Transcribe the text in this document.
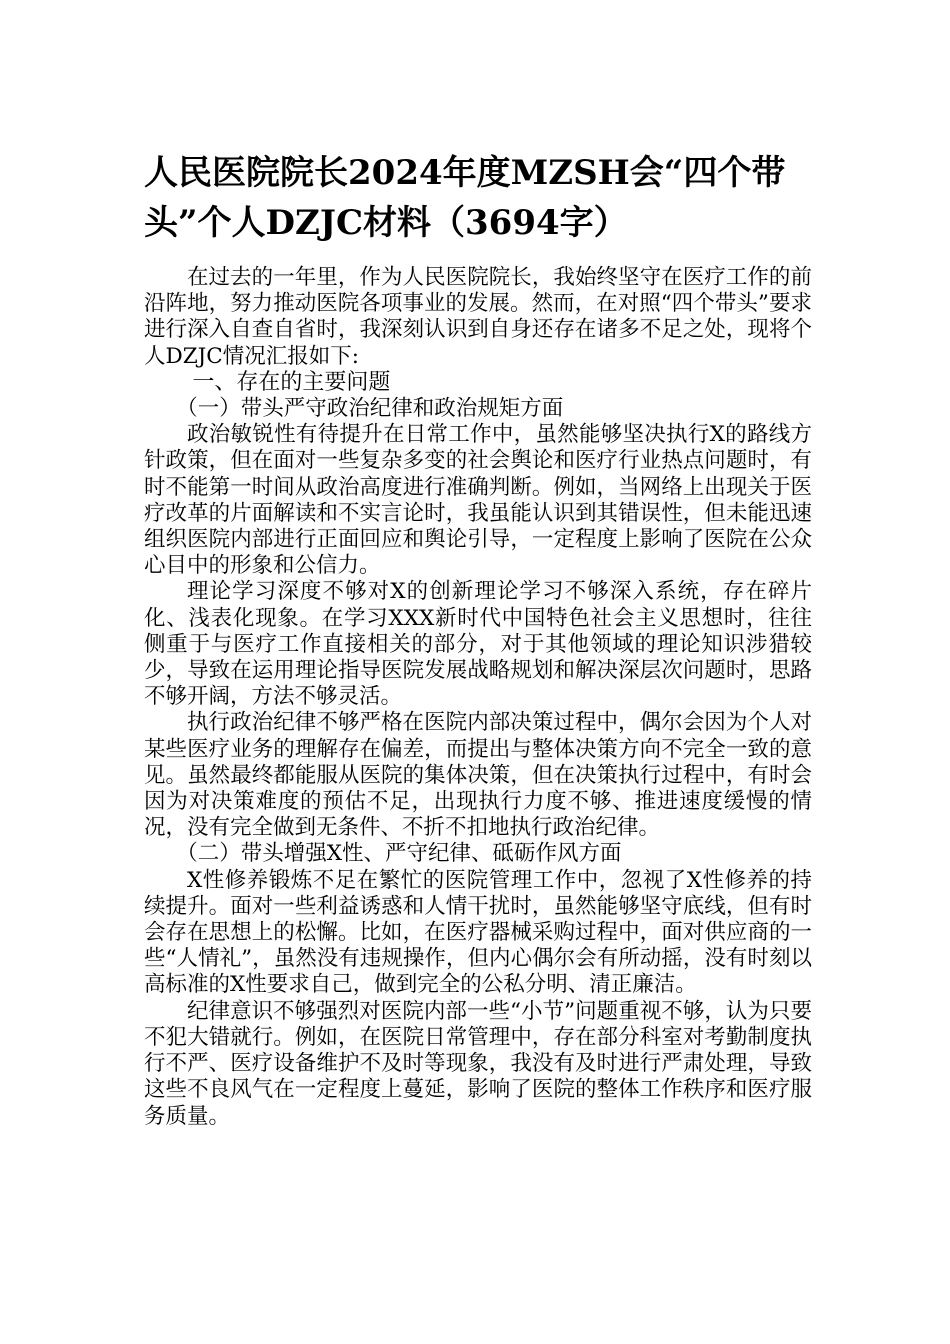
人民医院院长2024年度MZSH会“四个带头”个人DZJC材料（3694字）

在过去的一年里，作为人民医院院长，我始终坚守在医疗工作的前沿阵地，努力推动医院各项事业的发展。然而，在对照“四个带头”要求进行深入自查自省时，我深刻认识到自身还存在诸多不足之处，现将个人DZJC情况汇报如下:

一、存在的主要问题

（一）带头严守政治纪律和政治规矩方面

政治敏锐性有待提升在日常工作中，虽然能够坚决执行X的路线方针政策，但在面对一些复杂多变的社会舆论和医疗行业热点问题时，有时不能第一时间从政治高度进行准确判断。例如，当网络上出现关于医疗改革的片面解读和不实言论时，我虽能认识到其错误性，但未能迅速组织医院内部进行正面回应和舆论引导，一定程度上影响了医院在公众心目中的形象和公信力。

理论学习深度不够对X的创新理论学习不够深入系统，存在碎片化、浅表化现象。在学习XXX新时代中国特色社会主义思想时，往往侧重于与医疗工作直接相关的部分，对于其他领域的理论知识涉猎较少，导致在运用理论指导医院发展战略规划和解决深层次问题时，思路不够开阔，方法不够灵活。

执行政治纪律不够严格在医院内部决策过程中，偶尔会因为个人对某些医疗业务的理解存在偏差，而提出与整体决策方向不完全一致的意见。虽然最终都能服从医院的集体决策，但在决策执行过程中，有时会因为对决策难度的预估不足，出现执行力度不够、推进速度缓慢的情况，没有完全做到无条件、不折不扣地执行政治纪律。

（二）带头增强X性、严守纪律、砥砺作风方面

X性修养锻炼不足在繁忙的医院管理工作中，忽视了X性修养的持续提升。面对一些利益诱惑和人情干扰时，虽然能够坚守底线，但有时会存在思想上的松懈。比如，在医疗器械采购过程中，面对供应商的一些“人情礼”，虽然没有违规操作，但内心偶尔会有所动摇，没有时刻以高标准的X性要求自己，做到完全的公私分明、清正廉洁。

纪律意识不够强烈对医院内部一些“小节”问题重视不够，认为只要不犯大错就行。例如，在医院日常管理中，存在部分科室对考勤制度执行不严、医疗设备维护不及时等现象，我没有及时进行严肃处理，导致这些不良风气在一定程度上蔓延，影响了医院的整体工作秩序和医疗服务质量。
